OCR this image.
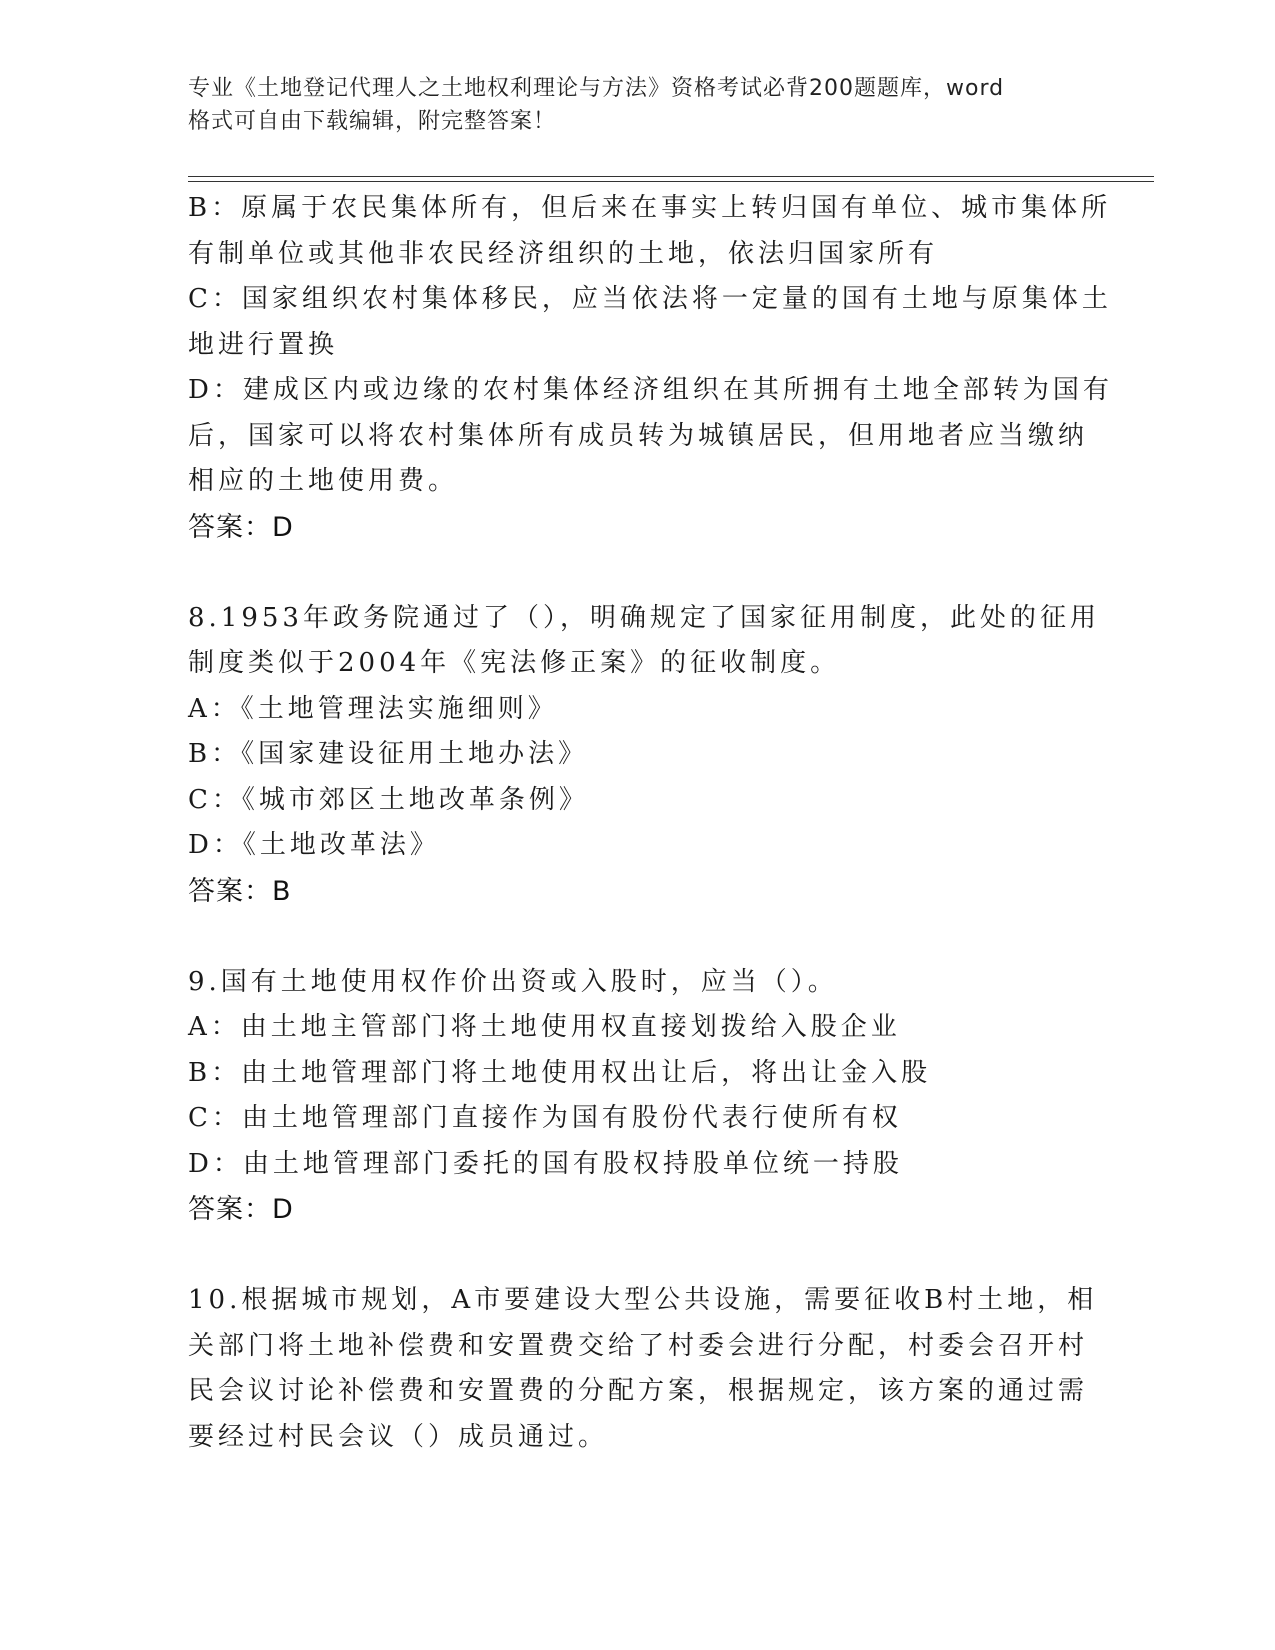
专业《土地登记代理人之土地权利理论与方法》资格考试必背200题题库，word
格式可自由下载编辑，附完整答案！
B：原属于农民集体所有，但后来在事实上转归国有单位、城市集体所
有制单位或其他非农民经济组织的土地，依法归国家所有
C：国家组织农村集体移民，应当依法将一定量的国有土地与原集体土
地进行置换
D：建成区内或边缘的农村集体经济组织在其所拥有土地全部转为国有
后，国家可以将农村集体所有成员转为城镇居民，但用地者应当缴纳
相应的土地使用费。
答案：D
8.1953年政务院通过了（），明确规定了国家征用制度，此处的征用
制度类似于2004年《宪法修正案》的征收制度。
A：《土地管理法实施细则》
B：《国家建设征用土地办法》
C：《城市郊区土地改革条例》
D：《土地改革法》
答案：B
9.国有土地使用权作价出资或入股时，应当（）。
A：由土地主管部门将土地使用权直接划拨给入股企业
B：由土地管理部门将土地使用权出让后，将出让金入股
C：由土地管理部门直接作为国有股份代表行使所有权
D：由土地管理部门委托的国有股权持股单位统一持股
答案：D
10.根据城市规划，A市要建设大型公共设施，需要征收B村土地，相
关部门将土地补偿费和安置费交给了村委会进行分配，村委会召开村
民会议讨论补偿费和安置费的分配方案，根据规定，该方案的通过需
要经过村民会议（）成员通过。
